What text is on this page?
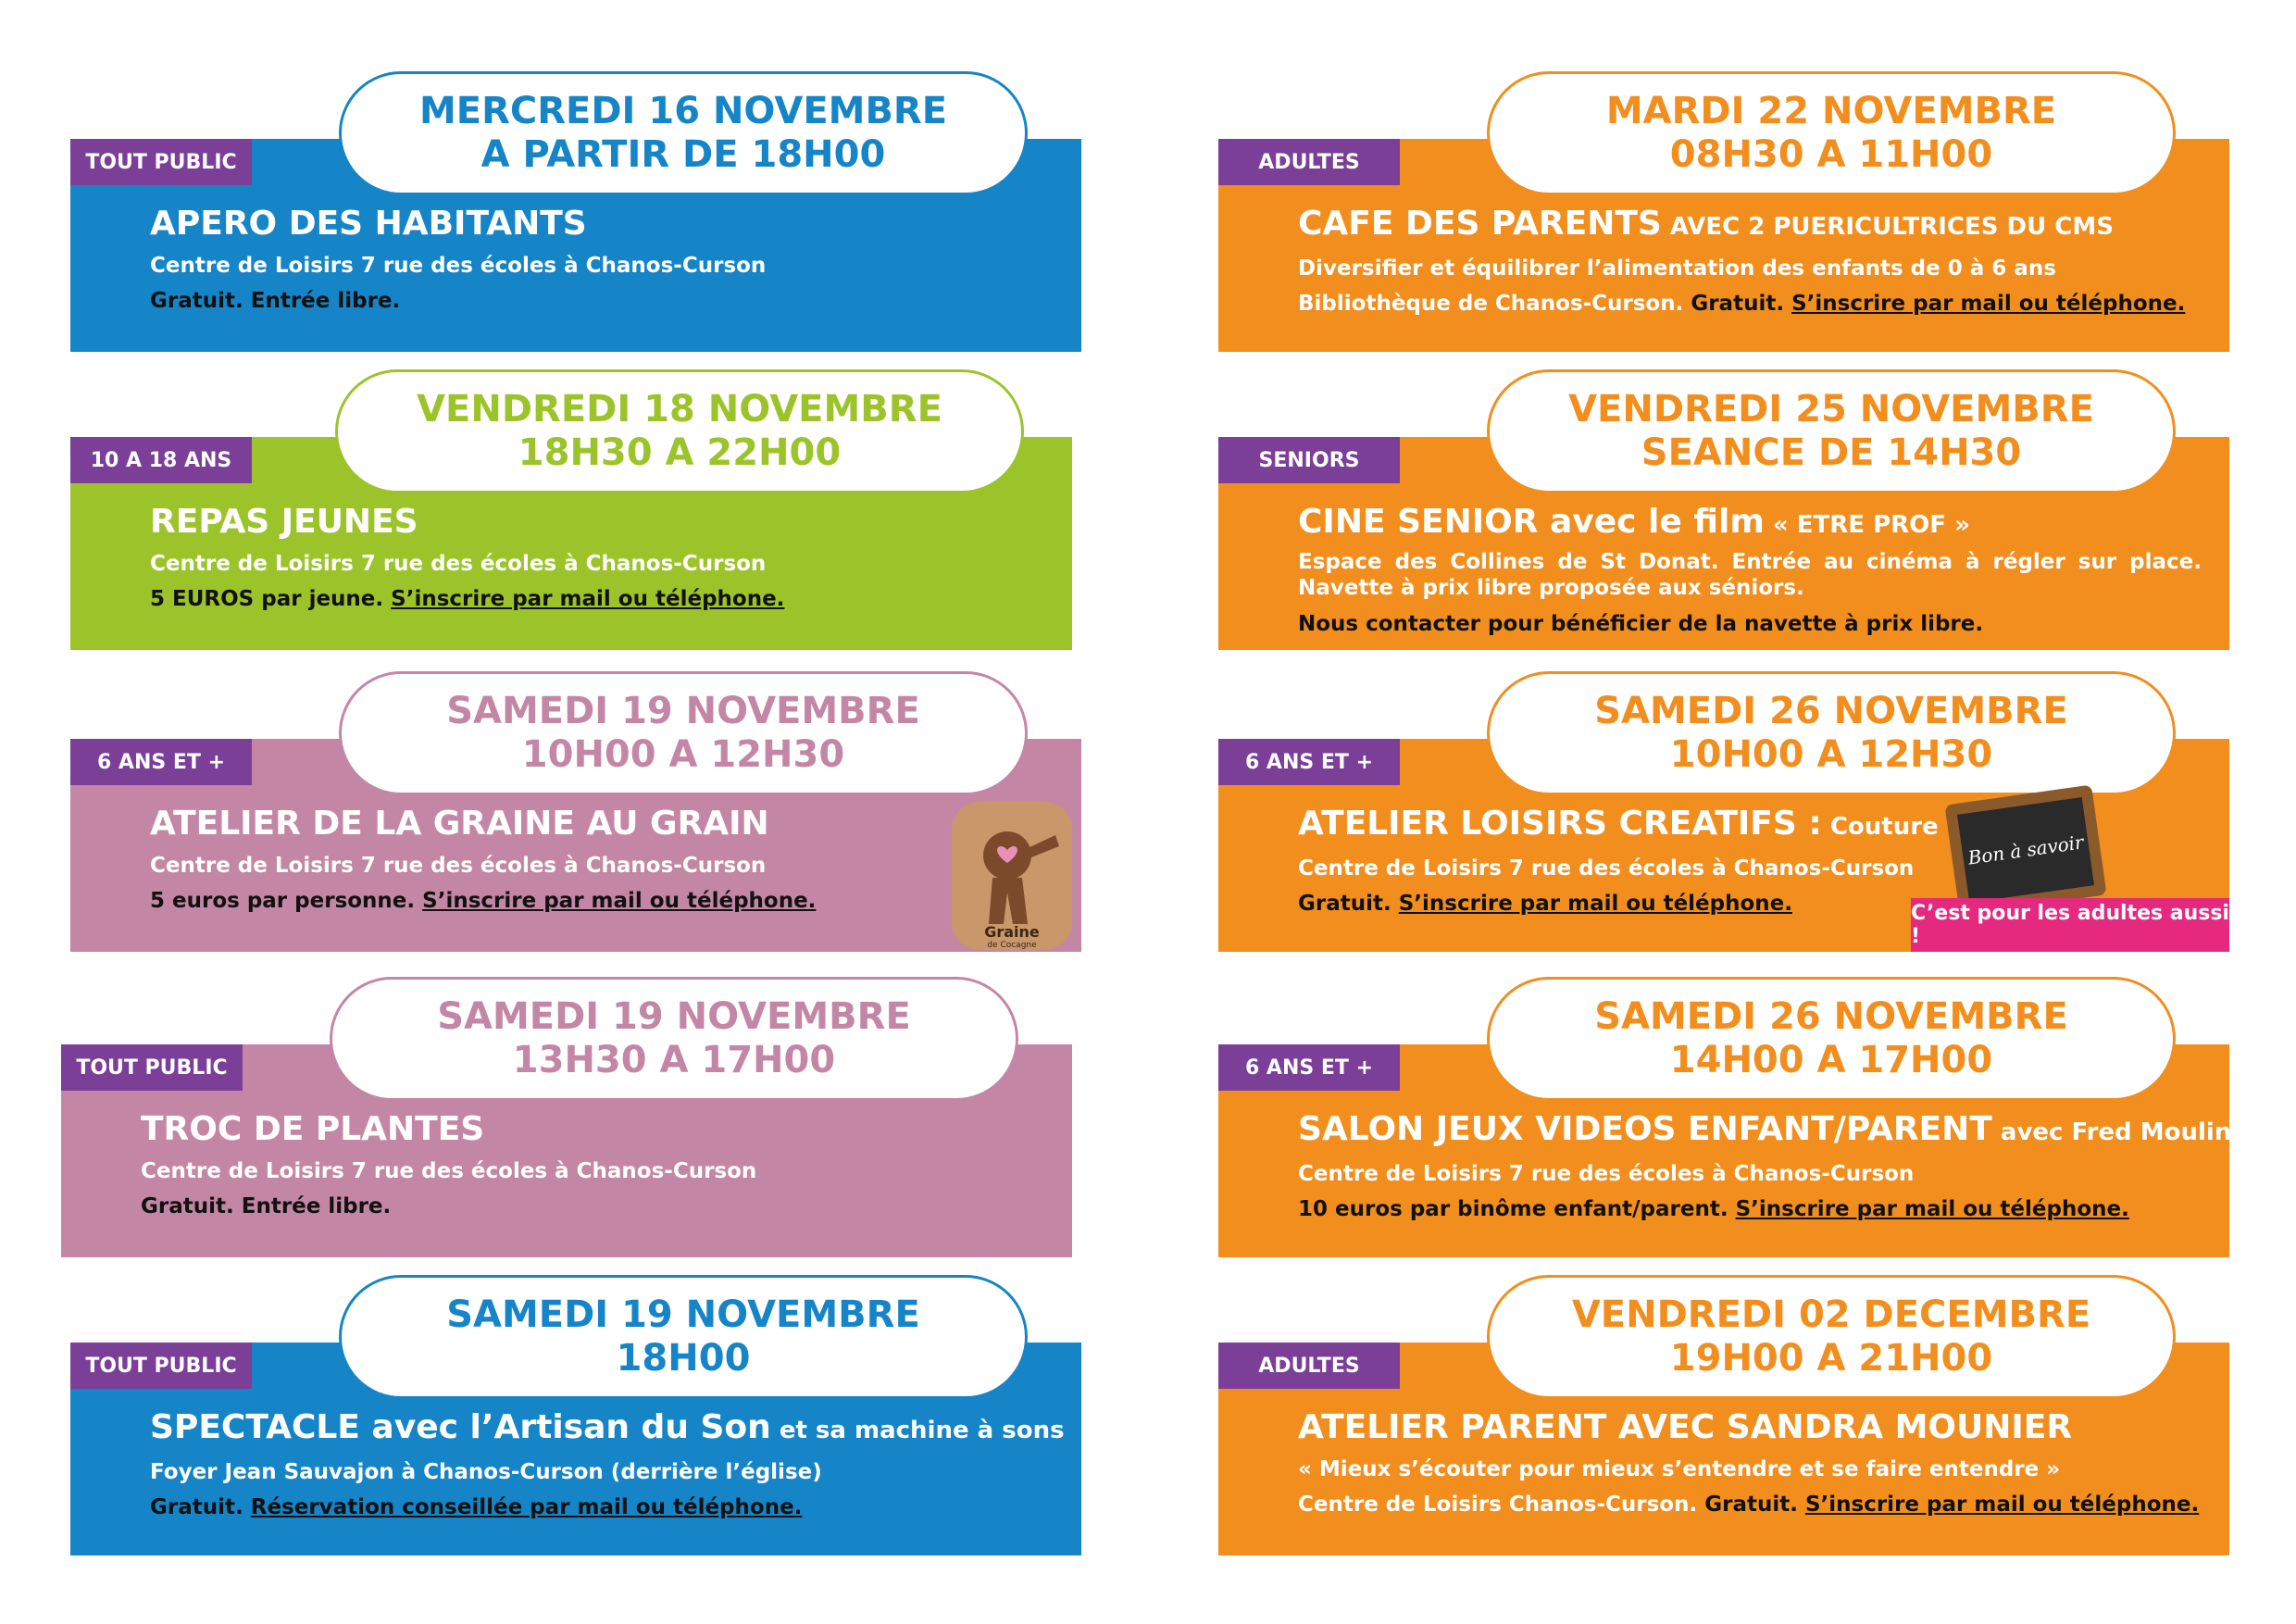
TOUT PUBLIC
MERCREDI 16 NOVEMBRE
A PARTIR DE 18H00
APERO DES HABITANTS
Centre de Loisirs 7 rue des écoles à Chanos-Curson
Gratuit. Entrée libre.
10 A 18 ANS
VENDREDI 18 NOVEMBRE
18H30 A 22H00
REPAS JEUNES
Centre de Loisirs 7 rue des écoles à Chanos-Curson
5 EUROS par jeune. S’inscrire par mail ou téléphone.
6 ANS ET +
SAMEDI 19 NOVEMBRE
10H00 A 12H30
ATELIER DE LA GRAINE AU GRAIN
Centre de Loisirs 7 rue des écoles à Chanos-Curson
5 euros par personne. S’inscrire par mail ou téléphone.
Graine
de Cocagne
TOUT PUBLIC
SAMEDI 19 NOVEMBRE
13H30 A 17H00
TROC DE PLANTES
Centre de Loisirs 7 rue des écoles à Chanos-Curson
Gratuit. Entrée libre.
TOUT PUBLIC
SAMEDI 19 NOVEMBRE
18H00
SPECTACLE avec l’Artisan du Son et sa machine à sons
Foyer Jean Sauvajon à Chanos-Curson (derrière l’église)
Gratuit. Réservation conseillée par mail ou téléphone.
ADULTES
MARDI 22 NOVEMBRE
08H30 A 11H00
CAFE DES PARENTS AVEC 2 PUERICULTRICES DU CMS
Diversifier et équilibrer l’alimentation des enfants de 0 à 6 ans
Bibliothèque de Chanos-Curson. Gratuit. S’inscrire par mail ou téléphone.
SENIORS
VENDREDI 25 NOVEMBRE
SEANCE DE 14H30
CINE SENIOR avec le film « ETRE PROF »
Espace des Collines de St Donat. Entrée au cinéma à régler sur place. Navette à prix libre proposée aux séniors.
Nous contacter pour bénéficier de la navette à prix libre.
6 ANS ET +
SAMEDI 26 NOVEMBRE
10H00 A 12H30
ATELIER LOISIRS CREATIFS : Couture
Centre de Loisirs 7 rue des écoles à Chanos-Curson
Gratuit. S’inscrire par mail ou téléphone.
Bon à savoir
C’est pour les adultes aussi !
6 ANS ET +
SAMEDI 26 NOVEMBRE
14H00 A 17H00
SALON JEUX VIDEOS ENFANT/PARENT avec Fred Moulin
Centre de Loisirs 7 rue des écoles à Chanos-Curson
10 euros par binôme enfant/parent. S’inscrire par mail ou téléphone.
ADULTES
VENDREDI 02 DECEMBRE
19H00 A 21H00
ATELIER PARENT AVEC SANDRA MOUNIER
« Mieux s’écouter pour mieux s’entendre et se faire entendre »
Centre de Loisirs Chanos-Curson. Gratuit. S’inscrire par mail ou téléphone.
